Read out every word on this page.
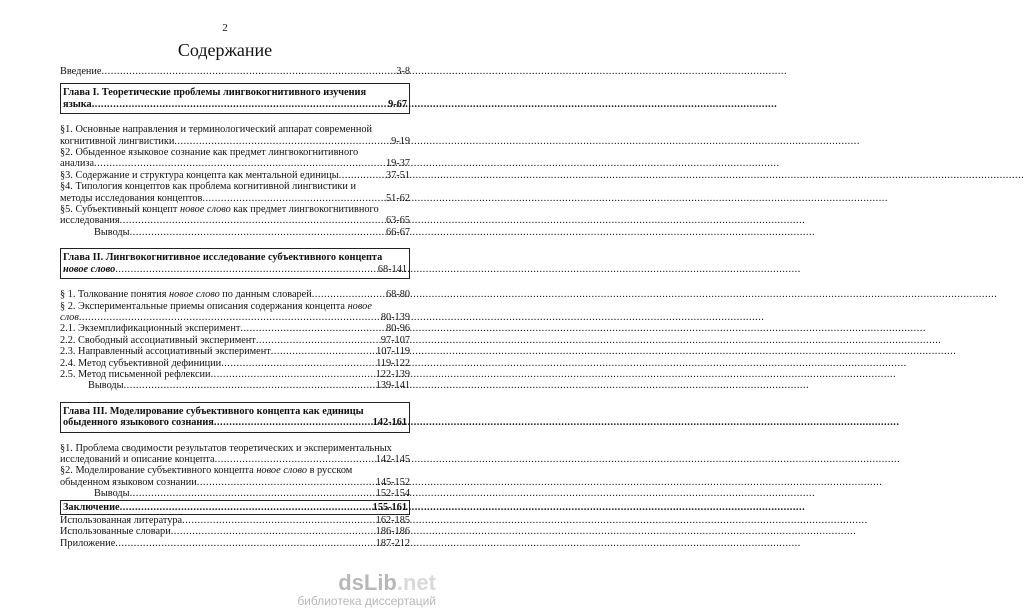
2
Содержание
Введение .....	3-8
Глава I. Теоретические проблемы лингвокогнитивного изучения
языка .....	9-67
§1. Основные направления и терминологический аппарат современной
когнитивной лингвистики .....	9-19
§2. Обыденное языковое сознание как предмет лингвокогнитивного
анализа .....	19-37
§3. Содержание и структура концепта как ментальной единицы .....	37-51
§4. Типология концептов как проблема когнитивной лингвистики и
методы исследования концептов .....	51-62
§5. Субъективный концепт новое слово как предмет лингвокогнитивного
исследования .....	63-65
Выводы .....	66-67
Глава II. Лингвокогнитивное исследование субъективного концепта
новое слово .....	68-141
§ 1. Толкование понятия новое слово по данным словарей .....	68-80
§ 2. Экспериментальные приемы описания содержания концепта новое
слов .....	80-139
2.1. Экземплификационный эксперимент .....	80-96
2.2. Свободный ассоциативный эксперимент .....	97-107
2.3. Направленный ассоциативный эксперимент .....	107-119
2.4. Метод субъективной дефиниции .....	119-122
2.5. Метод письменной рефлексии .....	122-139
Выводы .....	139-141
Глава III. Моделирование субъективного концепта как единицы
обыденного языкового сознания .....	142-161
§1. Проблема сводимости результатов теоретических и экспериментальных
исследований и описание концепта .....	142-145
§2. Моделирование субъективного концепта новое слово в русском
обыденном языковом сознании .....	145-152
Выводы .....	152-154
Заключение .....	155-161
Использованная литература .....	162-185
Использованные словари .....	186-186
Приложение .....	187-212
dsLib.net
библиотека диссертаций
